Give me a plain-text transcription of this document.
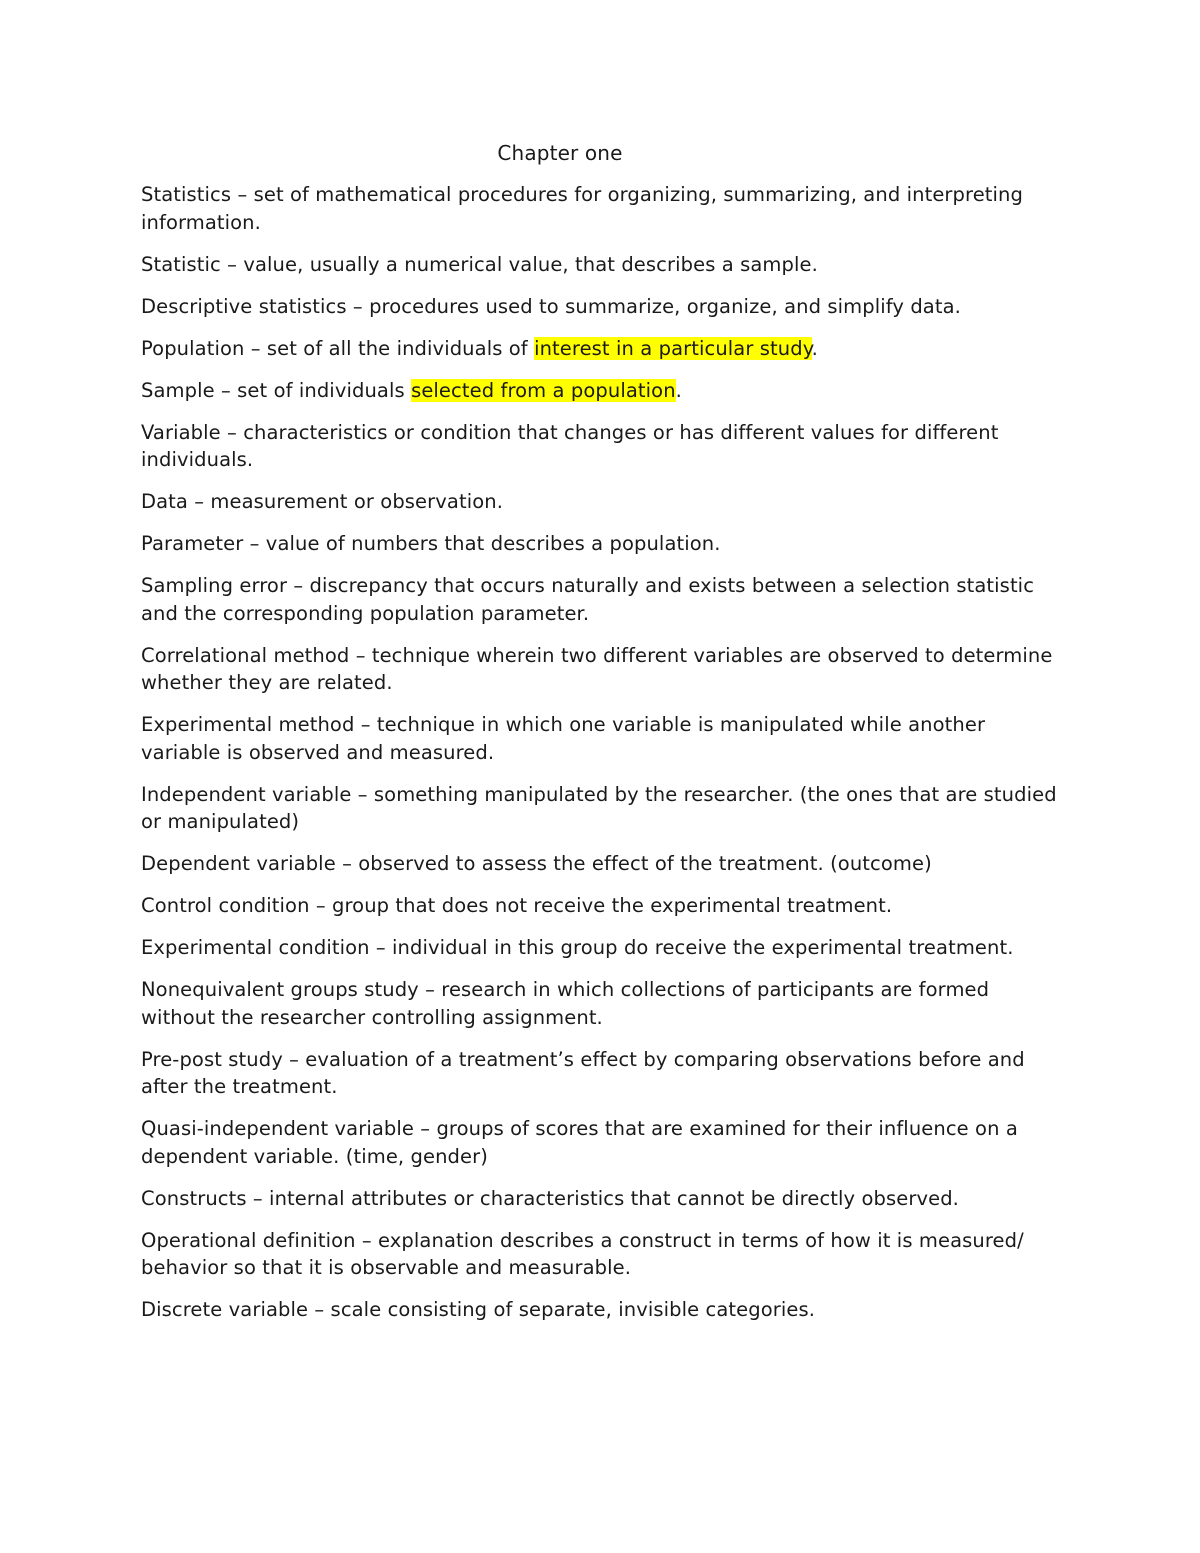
Chapter one

Statistics – set of mathematical procedures for organizing, summarizing, and interpreting information.

Statistic – value, usually a numerical value, that describes a sample.

Descriptive statistics – procedures used to summarize, organize, and simplify data.

Population – set of all the individuals of interest in a particular study.

Sample – set of individuals selected from a population.

Variable – characteristics or condition that changes or has different values for different individuals.

Data – measurement or observation.

Parameter – value of numbers that describes a population.

Sampling error – discrepancy that occurs naturally and exists between a selection statistic and the corresponding population parameter.

Correlational method – technique wherein two different variables are observed to determine whether they are related.

Experimental method – technique in which one variable is manipulated while another variable is observed and measured.

Independent variable – something manipulated by the researcher. (the ones that are studied or manipulated)

Dependent variable – observed to assess the effect of the treatment. (outcome)

Control condition – group that does not receive the experimental treatment.

Experimental condition – individual in this group do receive the experimental treatment.

Nonequivalent groups study – research in which collections of participants are formed without the researcher controlling assignment.

Pre-post study – evaluation of a treatment’s effect by comparing observations before and after the treatment.

Quasi-independent variable – groups of scores that are examined for their influence on a dependent variable. (time, gender)

Constructs – internal attributes or characteristics that cannot be directly observed.

Operational definition – explanation describes a construct in terms of how it is measured/ behavior so that it is observable and measurable.

Discrete variable – scale consisting of separate, invisible categories.
